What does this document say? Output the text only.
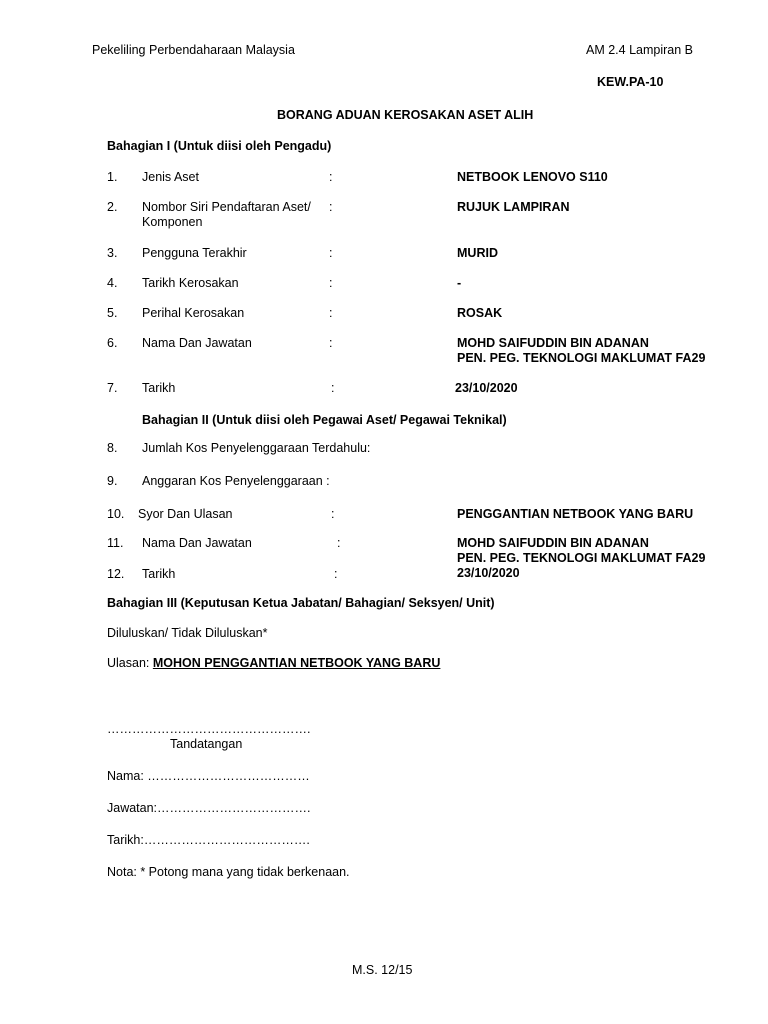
Pekeliling Perbendaharaan Malaysia	AM 2.4 Lampiran B
KEW.PA-10
BORANG ADUAN KEROSAKAN ASET ALIH
Bahagian I (Untuk diisi oleh Pengadu)
1. Jenis Aset	:	NETBOOK LENOVO S110
2. Nombor Siri Pendaftaran Aset/
Komponen
:	RUJUK LAMPIRAN
3. Pengguna Terakhir	:	MURID
4. Tarikh Kerosakan	:	-
5. Perihal Kerosakan	:	ROSAK
6. Nama Dan Jawatan	:	MOHD SAIFUDDIN BIN ADANAN
PEN. PEG. TEKNOLOGI MAKLUMAT FA29
7. Tarikh	:	23/10/2020
Bahagian II (Untuk diisi oleh Pegawai Aset/ Pegawai Teknikal)
8. Jumlah Kos Penyelenggaraan Terdahulu:
9. Anggaran Kos Penyelenggaraan :
10. Syor Dan Ulasan	:	PENGGANTIAN NETBOOK YANG BARU
11. Nama Dan Jawatan	:	MOHD SAIFUDDIN BIN ADANAN
PEN. PEG. TEKNOLOGI MAKLUMAT FA29
12. Tarikh	:	23/10/2020
Bahagian III (Keputusan Ketua Jabatan/ Bahagian/ Seksyen/ Unit)
Diluluskan/ Tidak Diluluskan*
Ulasan: MOHON PENGGANTIAN NETBOOK YANG BARU
………………………………………….
Tandatangan
Nama: …………………………………
Jawatan:……………………………….
Tarikh:………………………………….
Nota: * Potong mana yang tidak berkenaan.
M.S. 12/15
